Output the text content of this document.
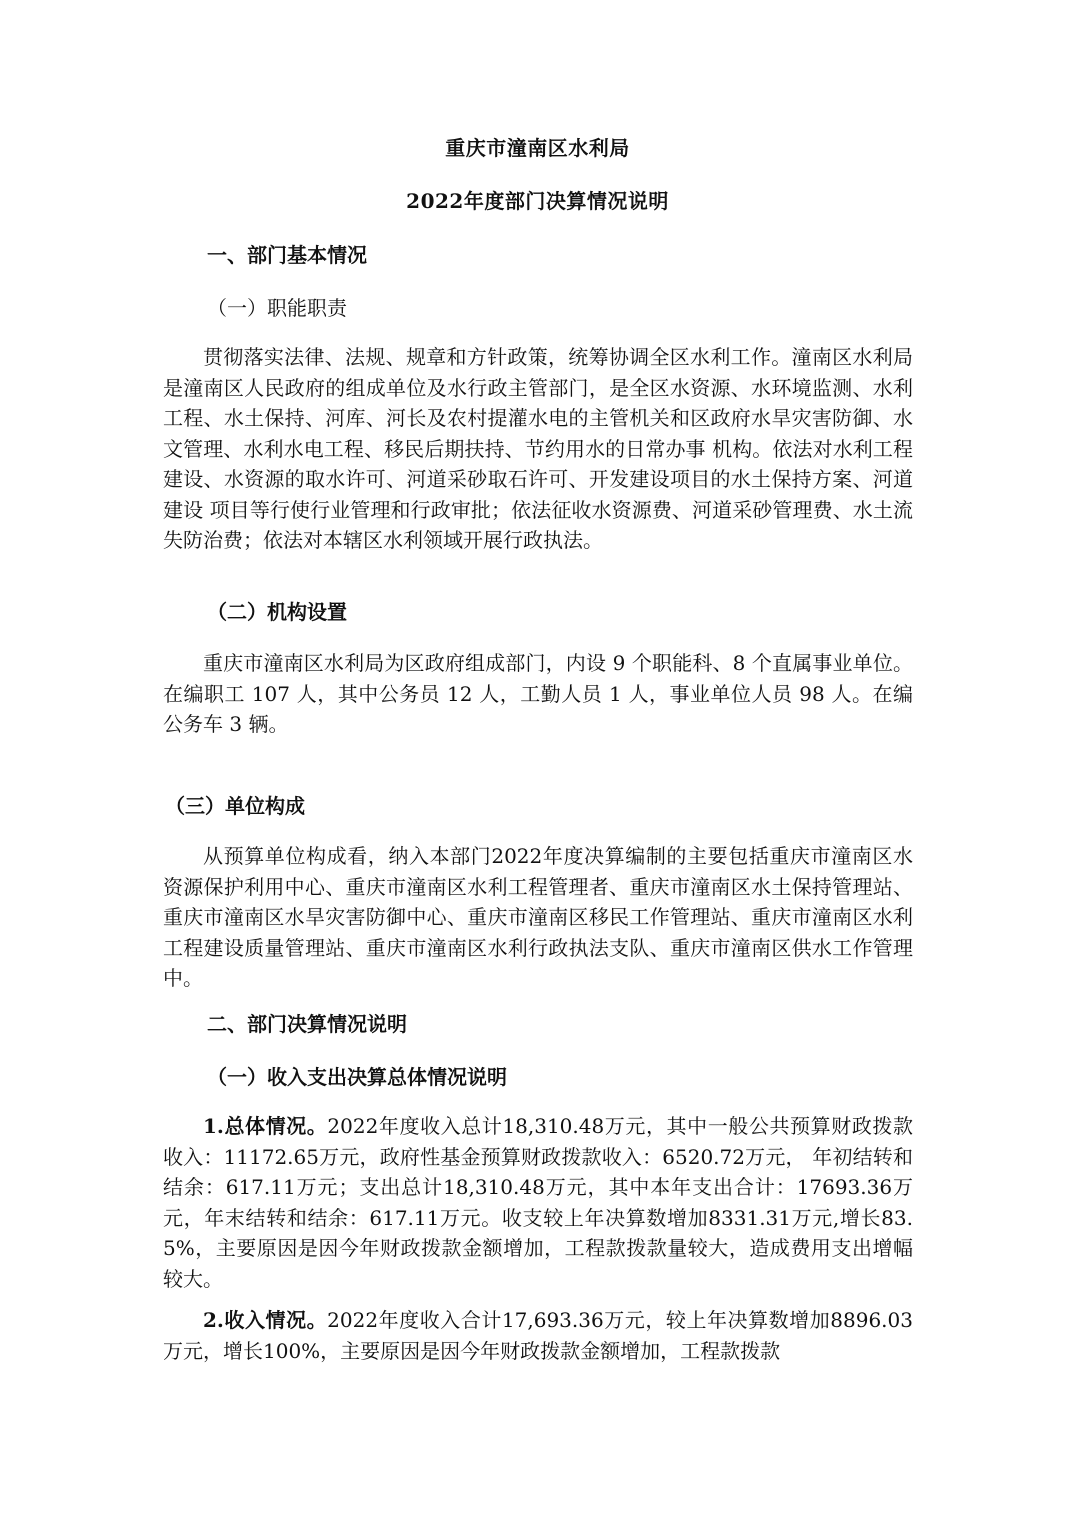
重庆市潼南区水利局
2022年度部门决算情况说明
一、部门基本情况
（一）职能职责
贯彻落实法律、法规、规章和方针政策，统筹协调全区水利工作。潼南区水利局是潼南区人民政府的组成单位及水行政主管部门，是全区水资源、水环境监测、水利工程、水土保持、河库、河长及农村提灌水电的主管机关和区政府水旱灾害防御、水文管理、水利水电工程、移民后期扶持、节约用水的日常办事 机构。依法对水利工程建设、水资源的取水许可、河道采砂取石许可、开发建设项目的水土保持方案、河道建设 项目等行使行业管理和行政审批；依法征收水资源费、河道采砂管理费、水土流失防治费；依法对本辖区水利领域开展行政执法。
（二）机构设置
重庆市潼南区水利局为区政府组成部门，内设 9 个职能科、8 个直属事业单位。在编职工 107 人，其中公务员 12 人，工勤人员 1 人，事业单位人员 98 人。在编公务车 3 辆。
（三）单位构成
从预算单位构成看，纳入本部门2022年度决算编制的主要包括重庆市潼南区水资源保护利用中心、重庆市潼南区水利工程管理者、重庆市潼南区水土保持管理站、重庆市潼南区水旱灾害防御中心、重庆市潼南区移民工作管理站、重庆市潼南区水利工程建设质量管理站、重庆市潼南区水利行政执法支队、重庆市潼南区供水工作管理中。
二、部门决算情况说明
（一）收入支出决算总体情况说明
1.总体情况。2022年度收入总计18,310.48万元，其中一般公共预算财政拨款收入：11172.65万元，政府性基金预算财政拨款收入：6520.72万元， 年初结转和结余：617.11万元；支出总计18,310.48万元，其中本年支出合计：17693.36万元，年末结转和结余：617.11万元。收支较上年决算数增加8331.31万元,增长83.5%，主要原因是因今年财政拨款金额增加，工程款拨款量较大，造成费用支出增幅较大。
2.收入情况。2022年度收入合计17,693.36万元，较上年决算数增加8896.03万元，增长100%，主要原因是因今年财政拨款金额增加，工程款拨款
